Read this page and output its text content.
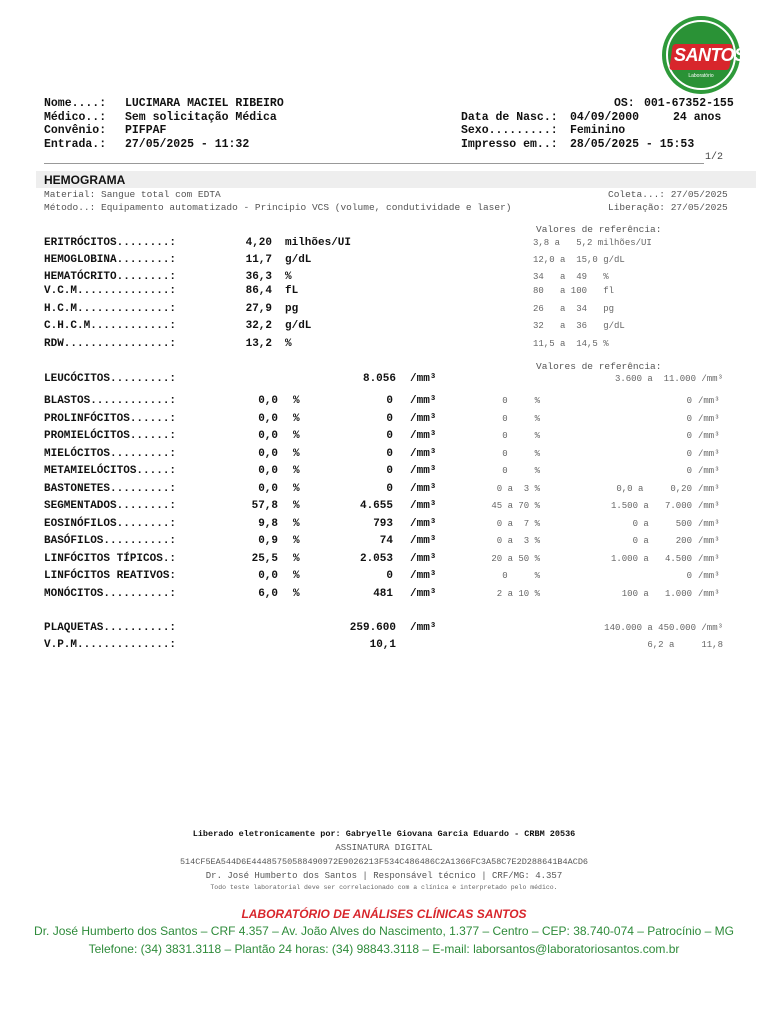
SANTOS
Laboratório
Nome....: LUCIMARA MACIEL RIBEIRO
Médico..: Sem solicitação Médica
Convênio: PIFPAF
Entrada.: 27/05/2025 - 11:32
OS: 001-67352-155
Data de Nasc.: 04/09/2000	24 anos
Sexo.........: Feminino
Impresso em..: 28/05/2025 - 15:53
1/2
HEMOGRAMA
Material: Sangue total com EDTA
Método..: Equipamento automatizado - Principio VCS (volume, condutividade e laser)
Coleta...: 27/05/2025
Liberação: 27/05/2025
Valores de referência:
ERITRÓCITOS........:	4,20 milhões/UI	3,8 a   5,2 milhões/UI
HEMOGLOBINA........:	11,7 g/dL	12,0 a  15,0 g/dL
HEMATÓCRITO........:	36,3 %	34   a  49   %
V.C.M..............:	86,4 fL	80   a 100   fl
H.C.M..............:	27,9 pg	26   a  34   pg
C.H.C.M............:	32,2 g/dL	32   a  36   g/dL
RDW................:	13,2 %	11,5 a  14,5 %
Valores de referência:
LEUCÓCITOS.........:	8.056 /mm³	3.600 a  11.000 /mm³
BLASTOS............:	0,0 %	0 /mm³	0     %	0 /mm³
PROLINFÓCITOS......:	0,0 %	0 /mm³	0     %	0 /mm³
PROMIELÓCITOS......:	0,0 %	0 /mm³	0     %	0 /mm³
MIELÓCITOS.........:	0,0 %	0 /mm³	0     %	0 /mm³
METAMIELÓCITOS.....:	0,0 %	0 /mm³	0     %	0 /mm³
BASTONETES.........:	0,0 %	0 /mm³	0 a  3 %	0,0 a     0,20 /mm³
SEGMENTADOS........:	57,8 %	4.655 /mm³	45 a 70 %	1.500 a   7.000 /mm³
EOSINÓFILOS........:	9,8 %	793 /mm³	0 a  7 %	0 a     500 /mm³
BASÓFILOS..........:	0,9 %	74 /mm³	0 a  3 %	0 a     200 /mm³
LINFÓCITOS TÍPICOS.:	25,5 %	2.053 /mm³	20 a 50 %	1.000 a   4.500 /mm³
LINFÓCITOS REATIVOS:	0,0 %	0 /mm³	0     %	0 /mm³
MONÓCITOS..........:	6,0 %	481 /mm³	2 a 10 %	100 a   1.000 /mm³
PLAQUETAS..........:	259.600 /mm³	140.000 a 450.000 /mm³
V.P.M..............:	10,1	6,2 a     11,8
Liberado eletronicamente por: Gabryelle Giovana Garcia Eduardo - CRBM 20536
ASSINATURA DIGITAL
514CF5EA544D6E44485750588490972E9026213F534C486486C2A1366FC3A58C7E2D288641B4ACD6
Dr. José Humberto dos Santos | Responsável técnico | CRF/MG: 4.357
Todo teste laboratorial deve ser correlacionado com a clínica e interpretado pelo médico.
LABORATÓRIO DE ANÁLISES CLÍNICAS SANTOS
Dr. José Humberto dos Santos – CRF 4.357 – Av. João Alves do Nascimento, 1.377 – Centro – CEP: 38.740-074 – Patrocínio – MG
Telefone: (34) 3831.3118 – Plantão 24 horas: (34) 98843.3118 – E-mail: laborsantos@laboratoriosantos.com.br
